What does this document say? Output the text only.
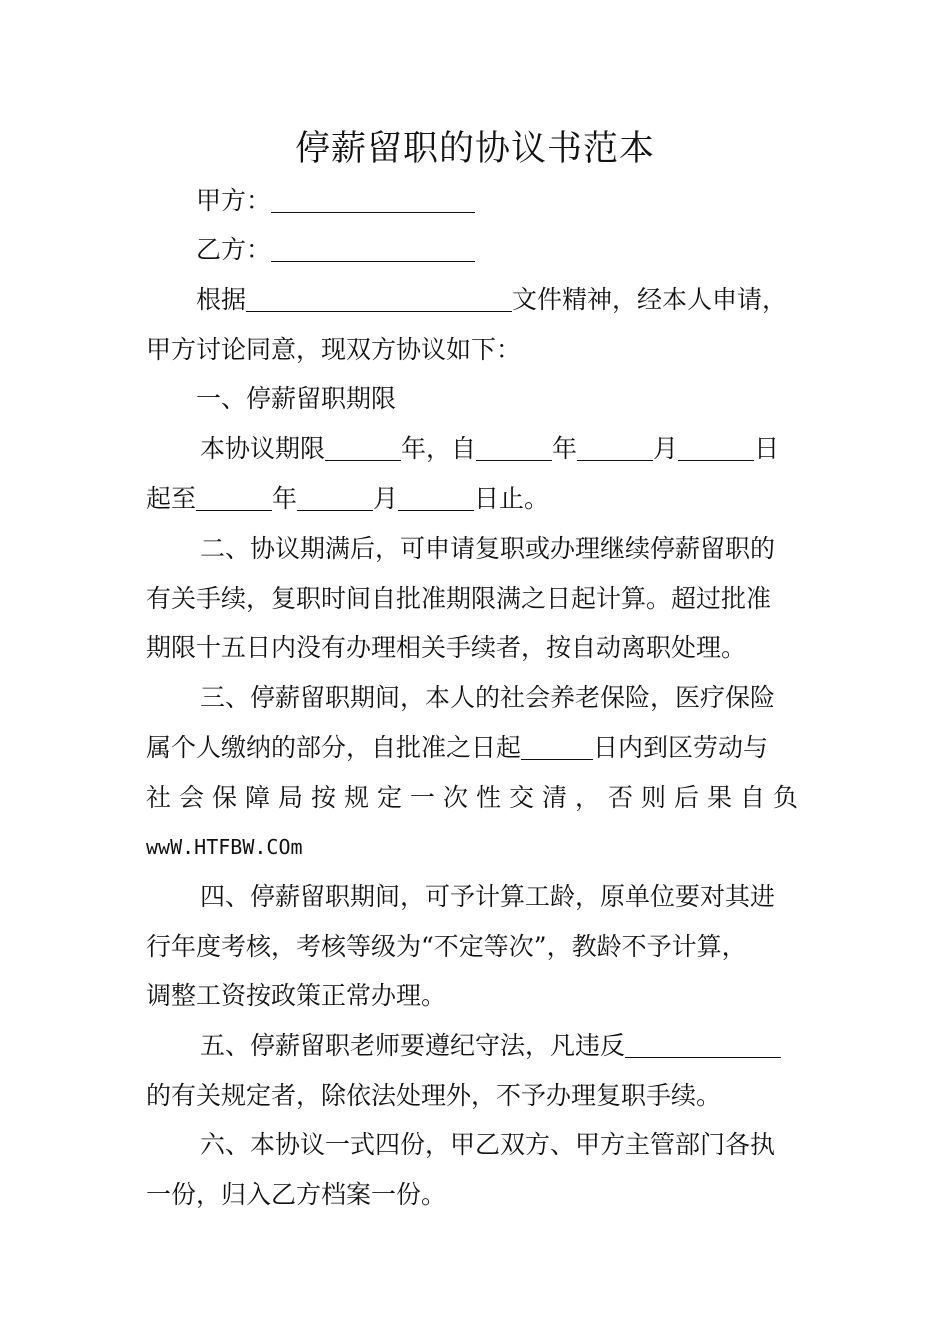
停薪留职的协议书范本

甲方：

乙方：

根据	文件精神，经本人申请，

甲方讨论同意，现双方协议如下：

一、停薪留职期限

本协议期限	年，自	年	月	日

起至	年	月	日止。

二、协议期满后，可申请复职或办理继续停薪留职的

有关手续，复职时间自批准期限满之日起计算。超过批准

期限十五日内没有办理相关手续者，按自动离职处理。

三、停薪留职期间，本人的社会养老保险，医疗保险

属个人缴纳的部分，自批准之日起	日内到区劳动与

社会保障局按规定一次性交清，否则后果自负

wwW.HTFBW.COm

四、停薪留职期间，可予计算工龄，原单位要对其进

行年度考核，考核等级为“不定等次”，教龄不予计算，

调整工资按政策正常办理。

五、停薪留职老师要遵纪守法，凡违反

的有关规定者，除依法处理外，不予办理复职手续。

六、本协议一式四份，甲乙双方、甲方主管部门各执

一份，归入乙方档案一份。
